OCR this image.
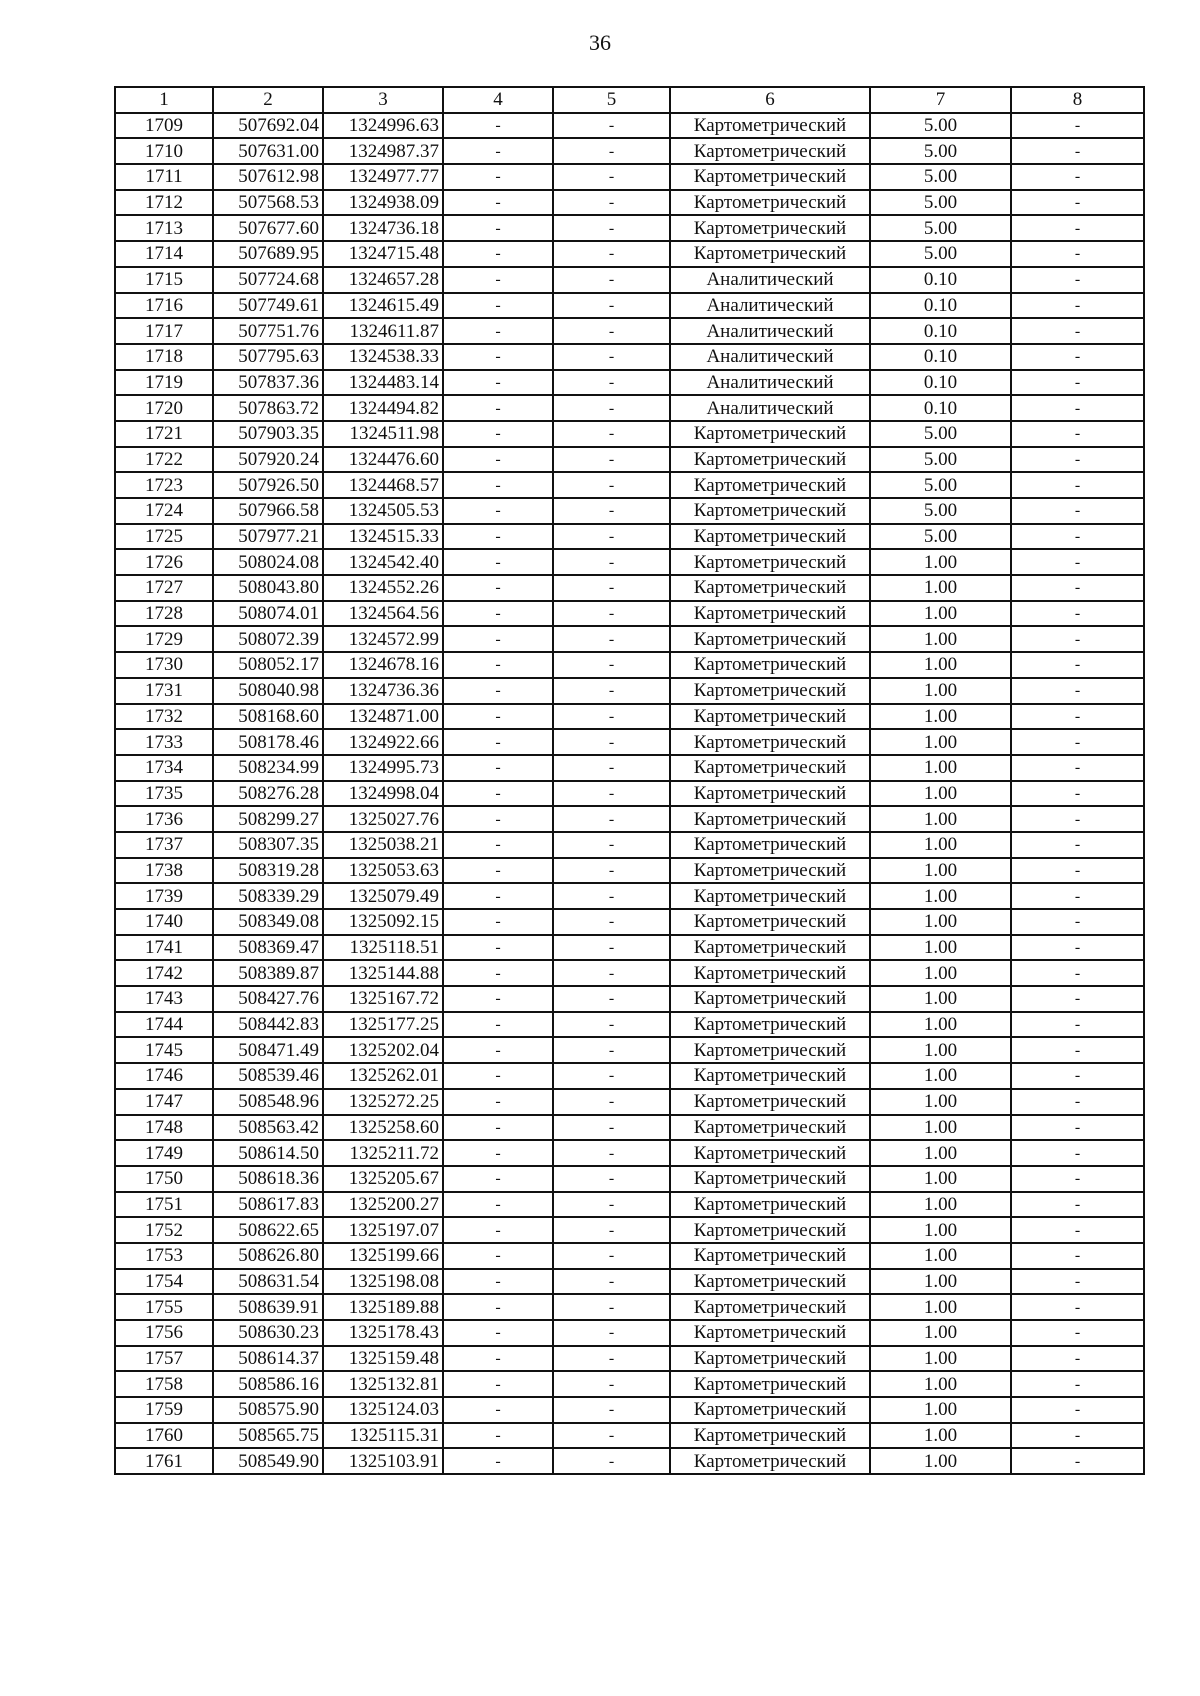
36
1	2	3	4	5	6	7	8
1709	507692.04	1324996.63	-	-	Картометрический	5.00	-
1710	507631.00	1324987.37	-	-	Картометрический	5.00	-
1711	507612.98	1324977.77	-	-	Картометрический	5.00	-
1712	507568.53	1324938.09	-	-	Картометрический	5.00	-
1713	507677.60	1324736.18	-	-	Картометрический	5.00	-
1714	507689.95	1324715.48	-	-	Картометрический	5.00	-
1715	507724.68	1324657.28	-	-	Аналитический	0.10	-
1716	507749.61	1324615.49	-	-	Аналитический	0.10	-
1717	507751.76	1324611.87	-	-	Аналитический	0.10	-
1718	507795.63	1324538.33	-	-	Аналитический	0.10	-
1719	507837.36	1324483.14	-	-	Аналитический	0.10	-
1720	507863.72	1324494.82	-	-	Аналитический	0.10	-
1721	507903.35	1324511.98	-	-	Картометрический	5.00	-
1722	507920.24	1324476.60	-	-	Картометрический	5.00	-
1723	507926.50	1324468.57	-	-	Картометрический	5.00	-
1724	507966.58	1324505.53	-	-	Картометрический	5.00	-
1725	507977.21	1324515.33	-	-	Картометрический	5.00	-
1726	508024.08	1324542.40	-	-	Картометрический	1.00	-
1727	508043.80	1324552.26	-	-	Картометрический	1.00	-
1728	508074.01	1324564.56	-	-	Картометрический	1.00	-
1729	508072.39	1324572.99	-	-	Картометрический	1.00	-
1730	508052.17	1324678.16	-	-	Картометрический	1.00	-
1731	508040.98	1324736.36	-	-	Картометрический	1.00	-
1732	508168.60	1324871.00	-	-	Картометрический	1.00	-
1733	508178.46	1324922.66	-	-	Картометрический	1.00	-
1734	508234.99	1324995.73	-	-	Картометрический	1.00	-
1735	508276.28	1324998.04	-	-	Картометрический	1.00	-
1736	508299.27	1325027.76	-	-	Картометрический	1.00	-
1737	508307.35	1325038.21	-	-	Картометрический	1.00	-
1738	508319.28	1325053.63	-	-	Картометрический	1.00	-
1739	508339.29	1325079.49	-	-	Картометрический	1.00	-
1740	508349.08	1325092.15	-	-	Картометрический	1.00	-
1741	508369.47	1325118.51	-	-	Картометрический	1.00	-
1742	508389.87	1325144.88	-	-	Картометрический	1.00	-
1743	508427.76	1325167.72	-	-	Картометрический	1.00	-
1744	508442.83	1325177.25	-	-	Картометрический	1.00	-
1745	508471.49	1325202.04	-	-	Картометрический	1.00	-
1746	508539.46	1325262.01	-	-	Картометрический	1.00	-
1747	508548.96	1325272.25	-	-	Картометрический	1.00	-
1748	508563.42	1325258.60	-	-	Картометрический	1.00	-
1749	508614.50	1325211.72	-	-	Картометрический	1.00	-
1750	508618.36	1325205.67	-	-	Картометрический	1.00	-
1751	508617.83	1325200.27	-	-	Картометрический	1.00	-
1752	508622.65	1325197.07	-	-	Картометрический	1.00	-
1753	508626.80	1325199.66	-	-	Картометрический	1.00	-
1754	508631.54	1325198.08	-	-	Картометрический	1.00	-
1755	508639.91	1325189.88	-	-	Картометрический	1.00	-
1756	508630.23	1325178.43	-	-	Картометрический	1.00	-
1757	508614.37	1325159.48	-	-	Картометрический	1.00	-
1758	508586.16	1325132.81	-	-	Картометрический	1.00	-
1759	508575.90	1325124.03	-	-	Картометрический	1.00	-
1760	508565.75	1325115.31	-	-	Картометрический	1.00	-
1761	508549.90	1325103.91	-	-	Картометрический	1.00	-
